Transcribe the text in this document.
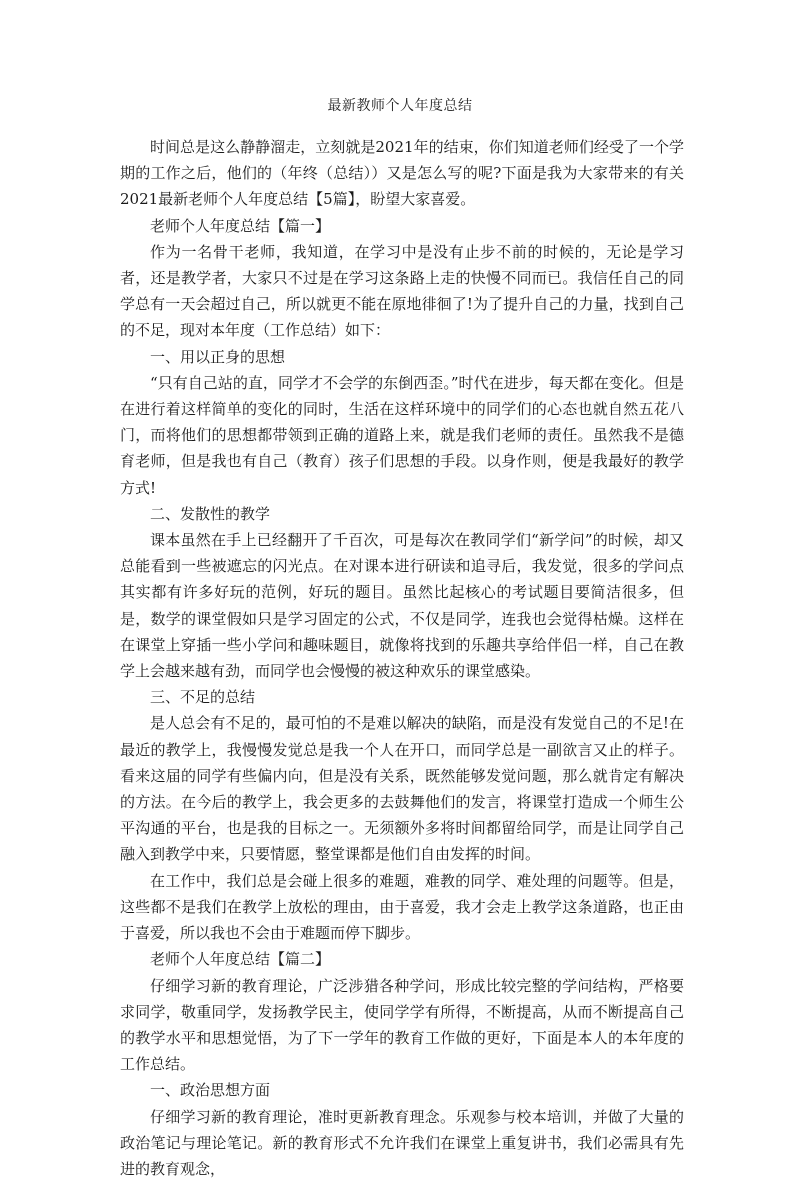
最新教师个人年度总结

时间总是这么静静溜走，立刻就是2021年的结束，你们知道老师们经受了一个学期的工作之后，他们的（年终（总结））又是怎么写的呢?下面是我为大家带来的有关2021最新老师个人年度总结【5篇】，盼望大家喜爱。

老师个人年度总结【篇一】

作为一名骨干老师，我知道，在学习中是没有止步不前的时候的，无论是学习者，还是教学者，大家只不过是在学习这条路上走的快慢不同而已。我信任自己的同学总有一天会超过自己，所以就更不能在原地徘徊了!为了提升自己的力量，找到自己的不足，现对本年度（工作总结）如下：

一、用以正身的思想

“只有自己站的直，同学才不会学的东倒西歪。”时代在进步，每天都在变化。但是在进行着这样简单的变化的同时，生活在这样环境中的同学们的心态也就自然五花八门，而将他们的思想都带领到正确的道路上来，就是我们老师的责任。虽然我不是德育老师，但是我也有自己（教育）孩子们思想的手段。以身作则，便是我最好的教学方式!

二、发散性的教学

课本虽然在手上已经翻开了千百次，可是每次在教同学们“新学问”的时候，却又总能看到一些被遮忘的闪光点。在对课本进行研读和追寻后，我发觉，很多的学问点其实都有许多好玩的范例，好玩的题目。虽然比起核心的考试题目要简洁很多，但是，数学的课堂假如只是学习固定的公式，不仅是同学，连我也会觉得枯燥。这样在在课堂上穿插一些小学问和趣味题目，就像将找到的乐趣共享给伴侣一样，自己在教学上会越来越有劲，而同学也会慢慢的被这种欢乐的课堂感染。

三、不足的总结

是人总会有不足的，最可怕的不是难以解决的缺陷，而是没有发觉自己的不足!在最近的教学上，我慢慢发觉总是我一个人在开口，而同学总是一副欲言又止的样子。看来这届的同学有些偏内向，但是没有关系，既然能够发觉问题，那么就肯定有解决的方法。在今后的教学上，我会更多的去鼓舞他们的发言，将课堂打造成一个师生公平沟通的平台，也是我的目标之一。无须额外多将时间都留给同学，而是让同学自己融入到教学中来，只要情愿，整堂课都是他们自由发挥的时间。

在工作中，我们总是会碰上很多的难题，难教的同学、难处理的问题等。但是，这些都不是我们在教学上放松的理由，由于喜爱，我才会走上教学这条道路，也正由于喜爱，所以我也不会由于难题而停下脚步。

老师个人年度总结【篇二】

仔细学习新的教育理论，广泛涉猎各种学问，形成比较完整的学问结构，严格要求同学，敬重同学，发扬教学民主，使同学学有所得，不断提高，从而不断提高自己的教学水平和思想觉悟，为了下一学年的教育工作做的更好，下面是本人的本年度的工作总结。

一、政治思想方面

仔细学习新的教育理论，准时更新教育理念。乐观参与校本培训，并做了大量的政治笔记与理论笔记。新的教育形式不允许我们在课堂上重复讲书，我们必需具有先进的教育观念，
